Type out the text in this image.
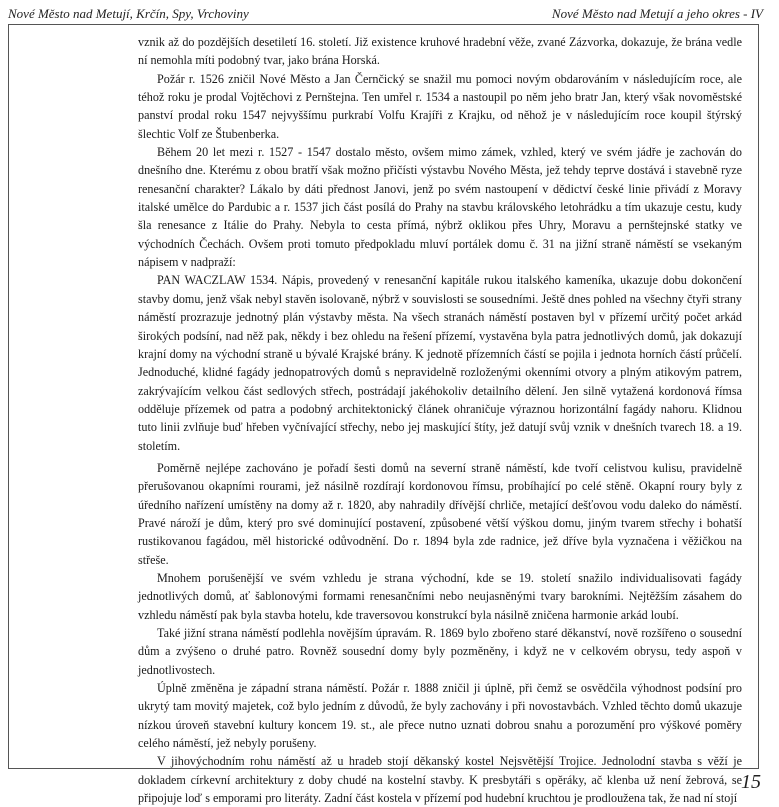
Nové Město nad Metují, Krčín, Spy, Vrchoviny	Nové Město nad Metují a jeho okres - IV

vznik až do pozdějších desetiletí 16. století. Již existence kruhové hradební věže, zvané Zázvorka, dokazuje, že brána vedle ní nemohla míti podobný tvar, jako brána Horská.

Požár r. 1526 zničil Nové Město a Jan Černčický se snažil mu pomoci novým obdarováním v následujícím roce, ale téhož roku je prodal Vojtěchovi z Pernštejna. Ten umřel r. 1534 a nastoupil po něm jeho bratr Jan, který však novoměstské panství prodal roku 1547 nejvyššímu purkrabí Volfu Krajíři z Krajku, od něhož je v následujícím roce koupil štýrský šlechtic Volf ze Štubenberka.

Během 20 let mezi r. 1527 - 1547 dostalo město, ovšem mimo zámek, vzhled, který ve svém jádře je zachován do dnešního dne. Kterému z obou bratří však možno přičísti výstavbu Nového Města, jež tehdy teprve dostává i stavebně ryze renesanční charakter? Lákalo by dáti přednost Janovi, jenž po svém nastoupení v dědictví české linie přivádí z Moravy italské umělce do Pardubic a r. 1537 jich část posílá do Prahy na stavbu královského letohrádku a tím ukazuje cestu, kudy šla renesance z Itálie do Prahy. Nebyla to cesta přímá, nýbrž oklikou přes Uhry, Moravu a pernštejnské statky ve východních Čechách. Ovšem proti tomuto předpokladu mluví portálek domu č. 31 na jižní straně náměstí se vsekaným nápisem v nadpraží:

PAN WACZLAW 1534. Nápis, provedený v renesanční kapitále rukou italského kameníka, ukazuje dobu dokončení stavby domu, jenž však nebyl stavěn isolovaně, nýbrž v souvislosti se sousedními. Ještě dnes pohled na všechny čtyři strany náměstí prozrazuje jednotný plán výstavby města. Na všech stranách náměstí postaven byl v přízemí určitý počet arkád širokých podsíní, nad něž pak, někdy i bez ohledu na řešení přízemí, vystavěna byla patra jednotlivých domů, jak dokazují krajní domy na východní straně u bývalé Krajské brány. K jednotě přízemních částí se pojila i jednota horních částí průčelí. Jednoduché, klidné fagády jednopatrových domů s nepravidelně rozloženými okenními otvory a plným atikovým patrem, zakrývajícím velkou část sedlových střech, postrádají jakéhokoliv detailního dělení. Jen silně vytažená kordonová římsa odděluje přízemek od patra a podobný architektonický článek ohraničuje výraznou horizontální fagády nahoru. Klidnou tuto linii zvlňuje buď hřeben vyčnívající střechy, nebo jej maskující štíty, jež datují svůj vznik v dnešních tvarech 18. a 19. stoletím.

Poměrně nejlépe zachováno je pořadí šesti domů na severní straně náměstí, kde tvoří celistvou kulisu, pravidelně přerušovanou okapními rourami, jež násilně rozdírají kordonovou římsu, probíhající po celé stěně. Okapní roury byly z úředního nařízení umístěny na domy až r. 1820, aby nahradily dřívější chrliče, metající dešťovou vodu daleko do náměstí. Pravé nároží je dům, který pro své dominující postavení, způsobené větší výškou domu, jiným tvarem střechy i bohatší rustikovanou fagádou, měl historické odůvodnění. Do r. 1894 byla zde radnice, jež dříve byla vyznačena i věžičkou na střeše.

Mnohem porušenější ve svém vzhledu je strana východní, kde se 19. století snažilo individualisovati fagády jednotlivých domů, ať šablonovými formami renesančními nebo neujasněnými tvary barokními. Nejtěžším zásahem do vzhledu náměstí pak byla stavba hotelu, kde traversovou konstrukcí byla násilně zničena harmonie arkád loubí.

Také jižní strana náměstí podlehla novějším úpravám. R. 1869 bylo zbořeno staré děkanství, nově rozšířeno o sousední dům a zvýšeno o druhé patro. Rovněž sousední domy byly pozměněny, i když ne v celkovém obrysu, tedy aspoň v jednotlivostech.

Úplně změněna je západní strana náměstí. Požár r. 1888 zničil ji úplně, při čemž se osvědčila výhodnost podsíní pro ukrytý tam movitý majetek, což bylo jedním z důvodů, že byly zachovány i při novostavbách. Vzhled těchto domů ukazuje nízkou úroveň stavební kultury koncem 19. st., ale přece nutno uznati dobrou snahu a porozumění pro výškové poměry celého náměstí, jež nebyly porušeny.

V jihovýchodním rohu náměstí až u hradeb stojí děkanský kostel Nejsvětější Trojice. Jednolodní stavba s věží je dokladem církevní architektury z doby chudé na kostelní stavby. K presbytáři s opěráky, ač klenba už není žebrová, se připojuje loď s emporami pro literáty. Zadní část kostela v přízemí pod hudební kruchtou je prodloužena tak, že nad ní stojí

15
